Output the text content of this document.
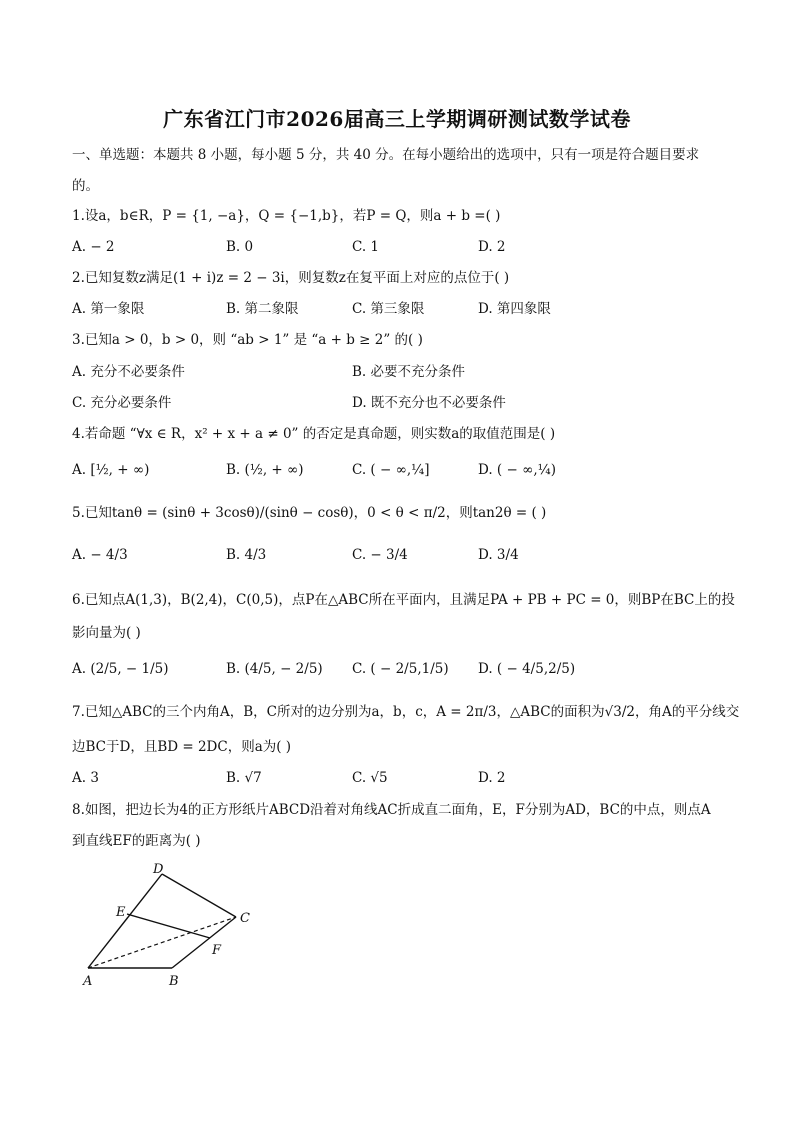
广东省江门市2026届高三上学期调研测试数学试卷
一、单选题：本题共 8 小题，每小题 5 分，共 40 分。在每小题给出的选项中，只有一项是符合题目要求
的。
1.设a，b∈R，P = {1, −a}，Q = {−1,b}，若P = Q，则a + b =( )
A. − 2	B. 0	C. 1	D. 2
2.已知复数z满足(1 + i)z = 2 − 3i，则复数z在复平面上对应的点位于( )
A. 第一象限	B. 第二象限	C. 第三象限	D. 第四象限
3.已知a > 0，b > 0，则 “ab > 1” 是 “a + b ≥ 2” 的( )
A. 充分不必要条件	B. 必要不充分条件
C. 充分必要条件	D. 既不充分也不必要条件
4.若命题 “∀x ∈ R，x² + x + a ≠ 0” 的否定是真命题，则实数a的取值范围是( )
A. [½, + ∞)	B. (½, + ∞)	C. ( − ∞,¼]	D. ( − ∞,¼)
5.已知tanθ = (sinθ + 3cosθ)/(sinθ − cosθ)，0 < θ < π/2，则tan2θ = ( )
A. − 4/3	B. 4/3	C. − 3/4	D. 3/4
6.已知点A(1,3)，B(2,4)，C(0,5)，点P在△ABC所在平面内，且满足PA + PB + PC = 0，则BP在BC上的投
影向量为( )
A. (2/5, − 1/5)	B. (4/5, − 2/5) C. ( − 2/5,1/5) D. ( − 4/5,2/5)
7.已知△ABC的三个内角A，B，C所对的边分别为a，b，c，A = 2π/3，△ABC的面积为√3/2，角A的平分线交
边BC于D，且BD = 2DC，则a为( )
A. 3	B. √7	C. √5	D. 2
8.如图，把边长为4的正方形纸片ABCD沿着对角线AC折成直二面角，E，F分别为AD，BC的中点，则点A
到直线EF的距离为( )
D
E	C
F
A	B
